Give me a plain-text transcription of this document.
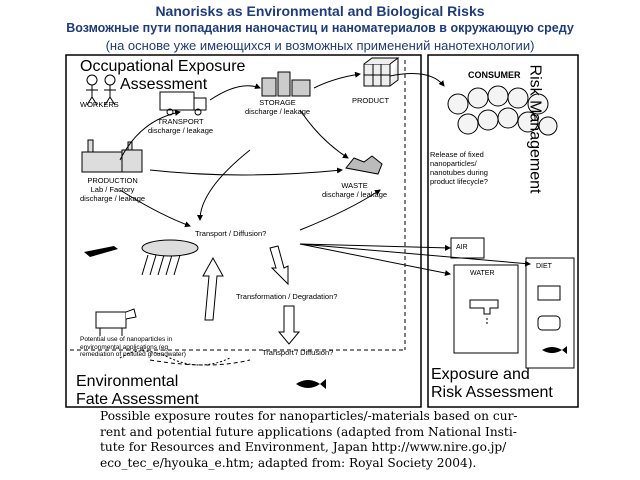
Nanorisks as Environmental and Biological Risks
Возможные пути попадания наночастиц и наноматериалов в окружающую среду
(на основе уже имеющихся и возможных применений нанотехнологии)
Occupational Exposure
Assessment
Environmental
Fate Assessment
Exposure and
Risk Assessment
Risk Management
WORKERS	STORAGE
discharge / leakage
PRODUCT
TRANSPORT
discharge / leakage
PRODUCTION
Lab / Factory
discharge / leakage
WASTE
discharge / leakage
CONSUMER
Release of fixed
nanoparticles/
nanotubes during
product lifecycle?
Transport / Diffusion?
Transformation / Degradation?
Transport / Diffusion?
Potential use of nanoparticles in
environmental applications (eg
remediation of polluted groundwater)
AIR
WATER
DIET
Possible exposure routes for nanoparticles/-materials based on cur-
rent and potential future applications (adapted from National Insti-
tute for Resources and Environment, Japan http://www.nire.go.jp/
eco_tec_e/hyouka_e.htm; adapted from: Royal Society 2004).
